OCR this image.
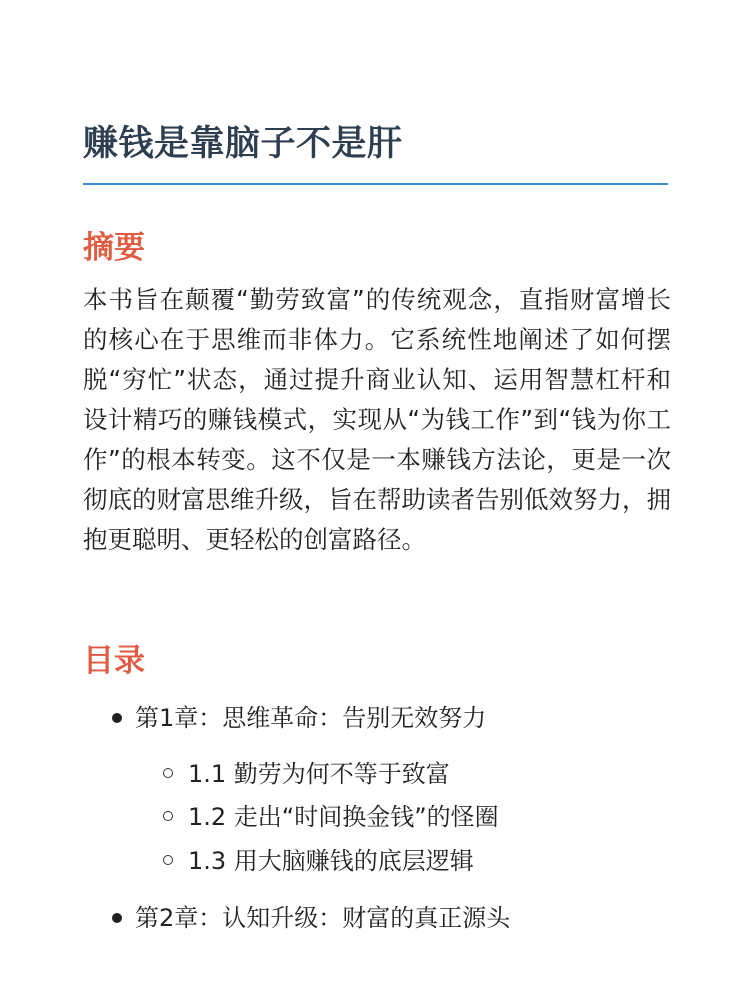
赚钱是靠脑子不是肝
摘要

本书旨在颠覆“勤劳致富”的传统观念，直指财富增长的核心在于思维而非体力。它系统性地阐述了如何摆脱“穷忙”状态，通过提升商业认知、运用智慧杠杆和设计精巧的赚钱模式，实现从“为钱工作”到“钱为你工作”的根本转变。这不仅是一本赚钱方法论，更是一次彻底的财富思维升级，旨在帮助读者告别低效努力，拥抱更聪明、更轻松的创富路径。

目录
第1章：思维革命：告别无效努力
1.1 勤劳为何不等于致富
1.2 走出“时间换金钱”的怪圈
1.3 用大脑赚钱的底层逻辑
第2章：认知升级：财富的真正源头
